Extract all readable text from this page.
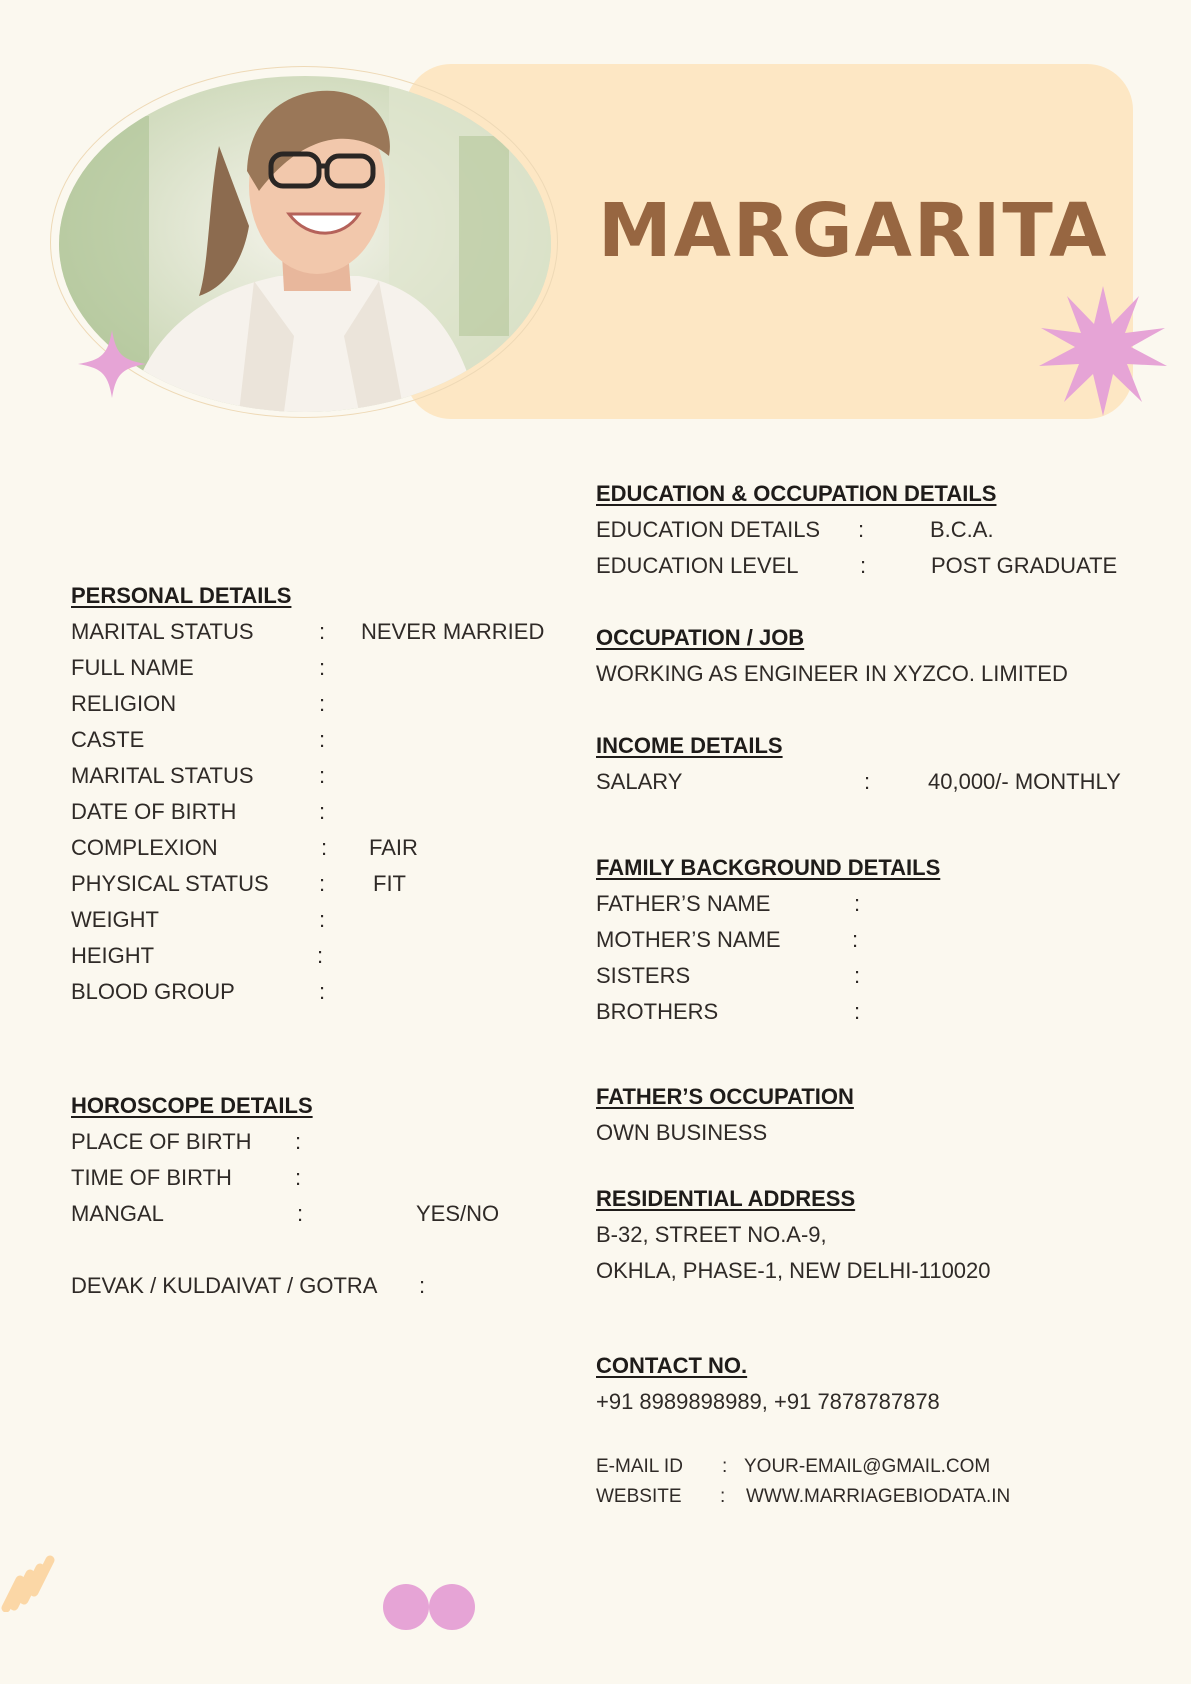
MARGARITA
PERSONAL DETAILS
MARITAL STATUS	: NEVER MARRIED
FULL NAME	:
RELIGION	:
CASTE	:
MARITAL STATUS	:
DATE OF BIRTH	:
COMPLEXION	: FAIR
PHYSICAL STATUS : FIT
WEIGHT	:
HEIGHT	:
BLOOD GROUP	:
HOROSCOPE DETAILS
PLACE OF BIRTH :
TIME OF BIRTH	:
MANGAL	:	YES/NO
DEVAK / KULDAIVAT / GOTRA :
EDUCATION & OCCUPATION DETAILS
EDUCATION DETAILS :	B.C.A.
EDUCATION LEVEL	:	POST GRADUATE
OCCUPATION / JOB
WORKING AS ENGINEER IN XYZCO. LIMITED
INCOME DETAILS
SALARY	:	40,000/- MONTHLY
FAMILY BACKGROUND DETAILS
FATHER’S NAME	:
MOTHER’S NAME	:
SISTERS	:
BROTHERS	:
FATHER’S OCCUPATION
OWN BUSINESS
RESIDENTIAL ADDRESS
B-32, STREET NO.A-9,
OKHLA, PHASE-1, NEW DELHI-110020
CONTACT NO.
+91 8989898989, +91 7878787878
E-MAIL ID : YOUR-EMAIL@GMAIL.COM
WEBSITE : WWW.MARRIAGEBIODATA.IN
